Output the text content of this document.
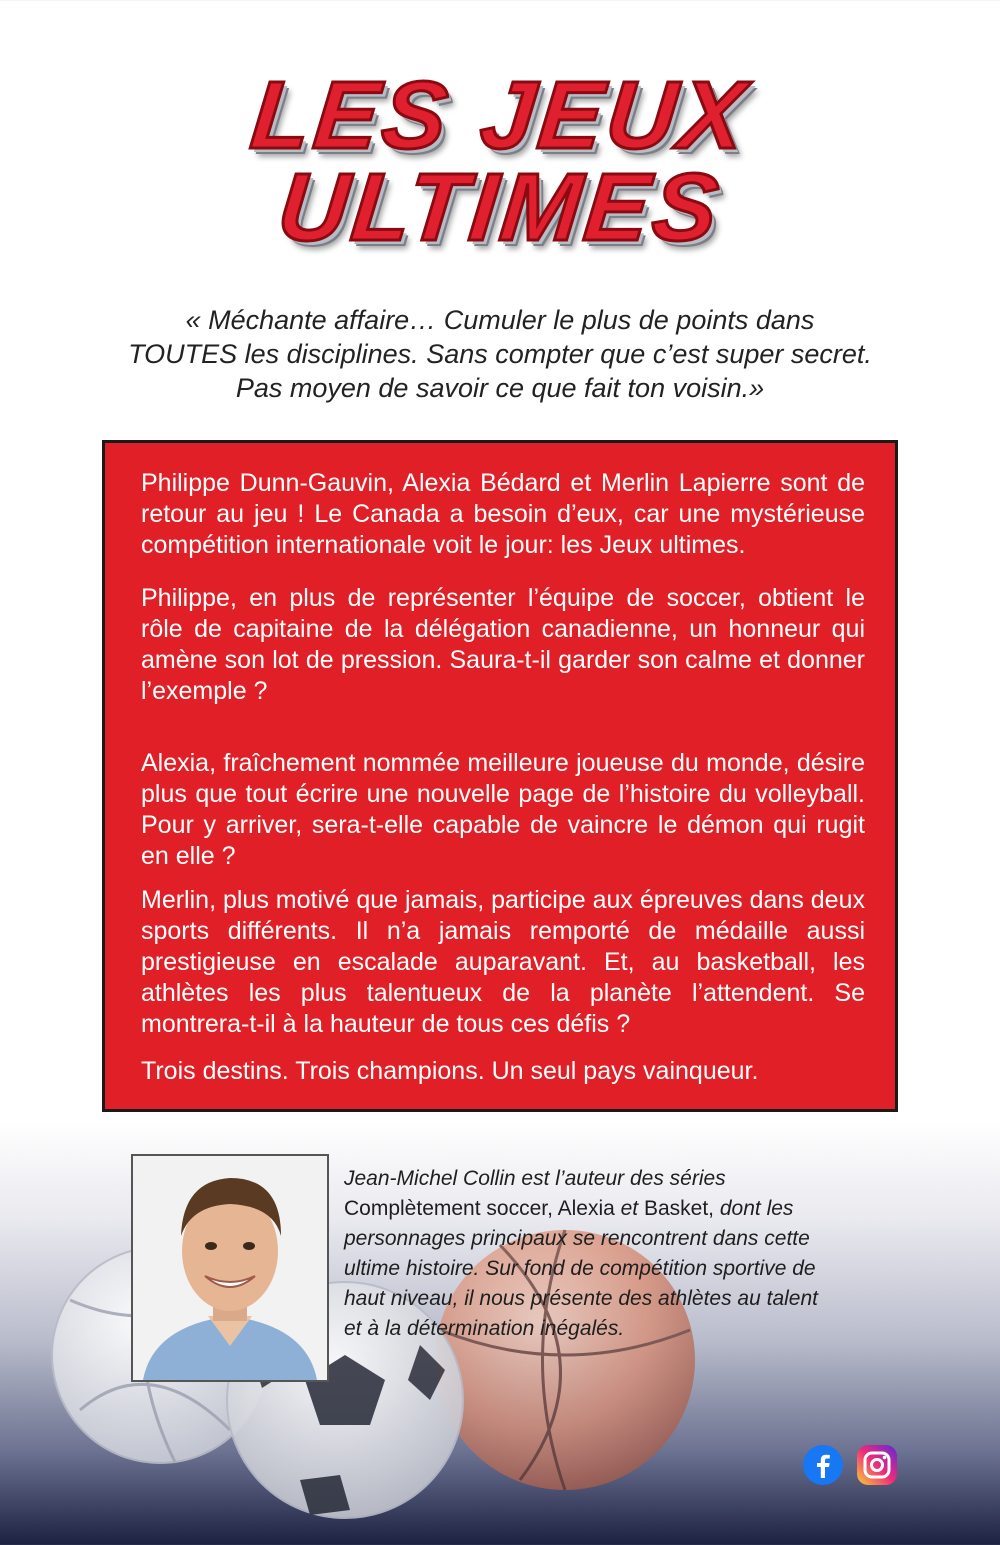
LES JEUX
ULTIMES
« Méchante affaire… Cumuler le plus de points dans
TOUTES les disciplines. Sans compter que c’est super secret.
Pas moyen de savoir ce que fait ton voisin.»
Philippe Dunn-Gauvin, Alexia Bédard et Merlin Lapierre sont de retour au jeu ! Le Canada a besoin d’eux, car une mystérieuse compétition internationale voit le jour: les Jeux ultimes.
Philippe, en plus de représenter l’équipe de soccer, obtient le rôle de capitaine de la délégation canadienne, un honneur qui amène son lot de pression. Saura-t-il garder son calme et donner l’exemple ?
Alexia, fraîchement nommée meilleure joueuse du monde, désire plus que tout écrire une nouvelle page de l’histoire du volleyball. Pour y arriver, sera-t-elle capable de vaincre le démon qui rugit en elle ?
Merlin, plus motivé que jamais, participe aux épreuves dans deux sports différents. Il n’a jamais remporté de médaille aussi prestigieuse en escalade auparavant. Et, au basketball, les athlètes les plus talentueux de la planète l’attendent. Se montrera-t-il à la hauteur de tous ces défis ?
Trois destins. Trois champions. Un seul pays vainqueur.
Jean-Michel Collin est l’auteur des séries
Complètement soccer, Alexia et Basket, dont les
personnages principaux se rencontrent dans cette
ultime histoire. Sur fond de compétition sportive de
haut niveau, il nous présente des athlètes au talent
et à la détermination inégalés.
